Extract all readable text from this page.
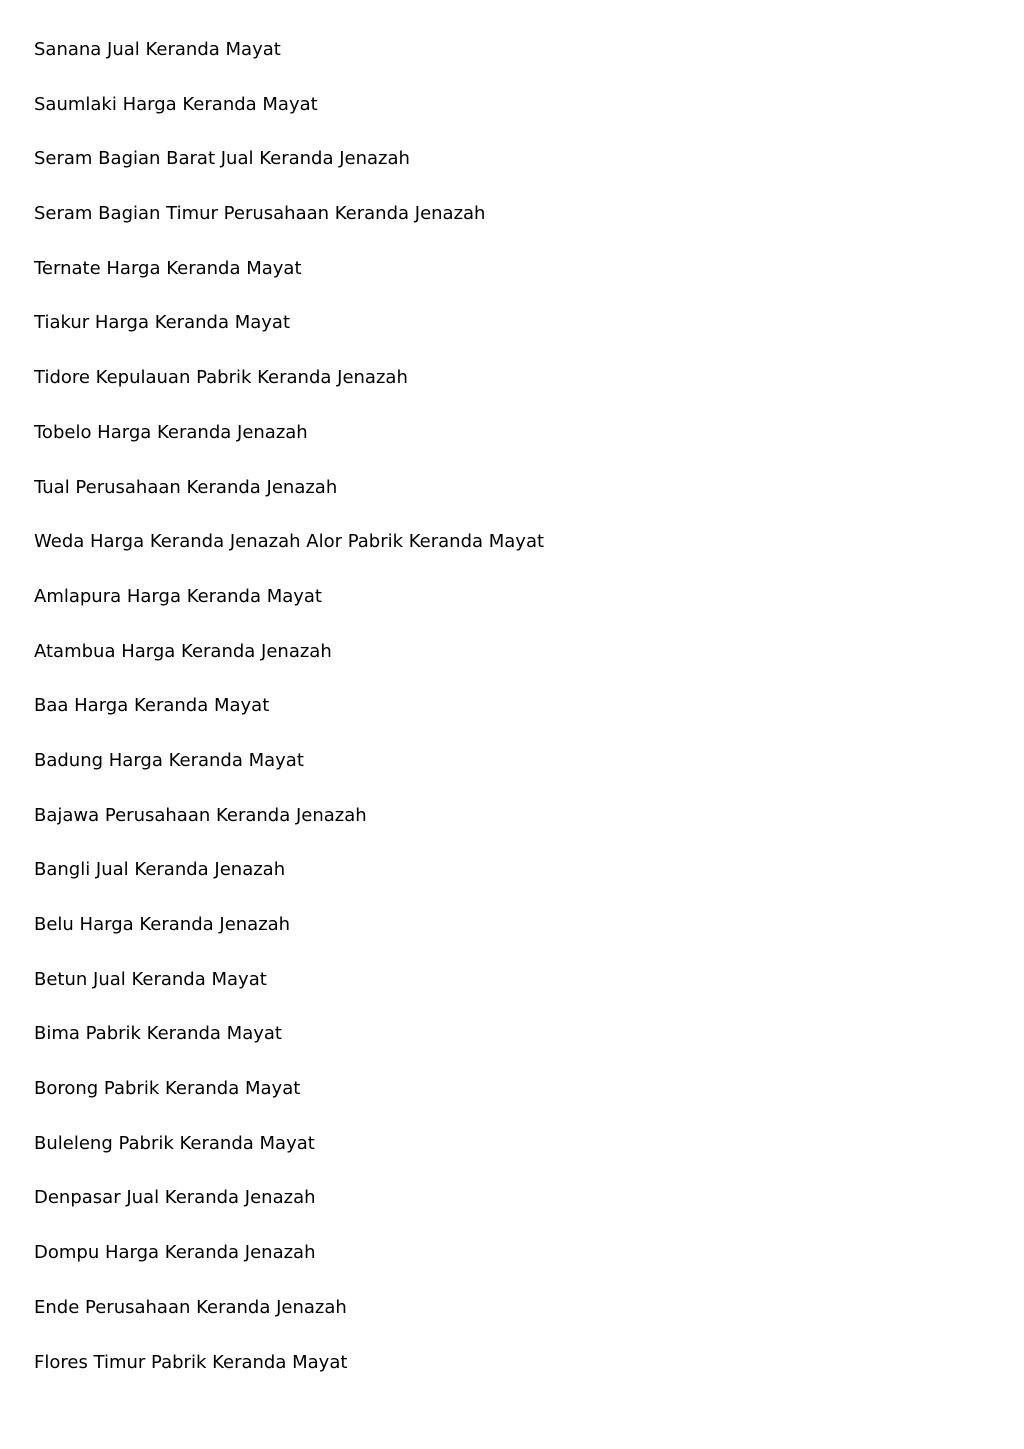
Sanana Jual Keranda Mayat
Saumlaki Harga Keranda Mayat
Seram Bagian Barat Jual Keranda Jenazah
Seram Bagian Timur Perusahaan Keranda Jenazah
Ternate Harga Keranda Mayat
Tiakur Harga Keranda Mayat
Tidore Kepulauan Pabrik Keranda Jenazah
Tobelo Harga Keranda Jenazah
Tual Perusahaan Keranda Jenazah
Weda Harga Keranda Jenazah Alor Pabrik Keranda Mayat
Amlapura Harga Keranda Mayat
Atambua Harga Keranda Jenazah
Baa Harga Keranda Mayat
Badung Harga Keranda Mayat
Bajawa Perusahaan Keranda Jenazah
Bangli Jual Keranda Jenazah
Belu Harga Keranda Jenazah
Betun Jual Keranda Mayat
Bima Pabrik Keranda Mayat
Borong Pabrik Keranda Mayat
Buleleng Pabrik Keranda Mayat
Denpasar Jual Keranda Jenazah
Dompu Harga Keranda Jenazah
Ende Perusahaan Keranda Jenazah
Flores Timur Pabrik Keranda Mayat
